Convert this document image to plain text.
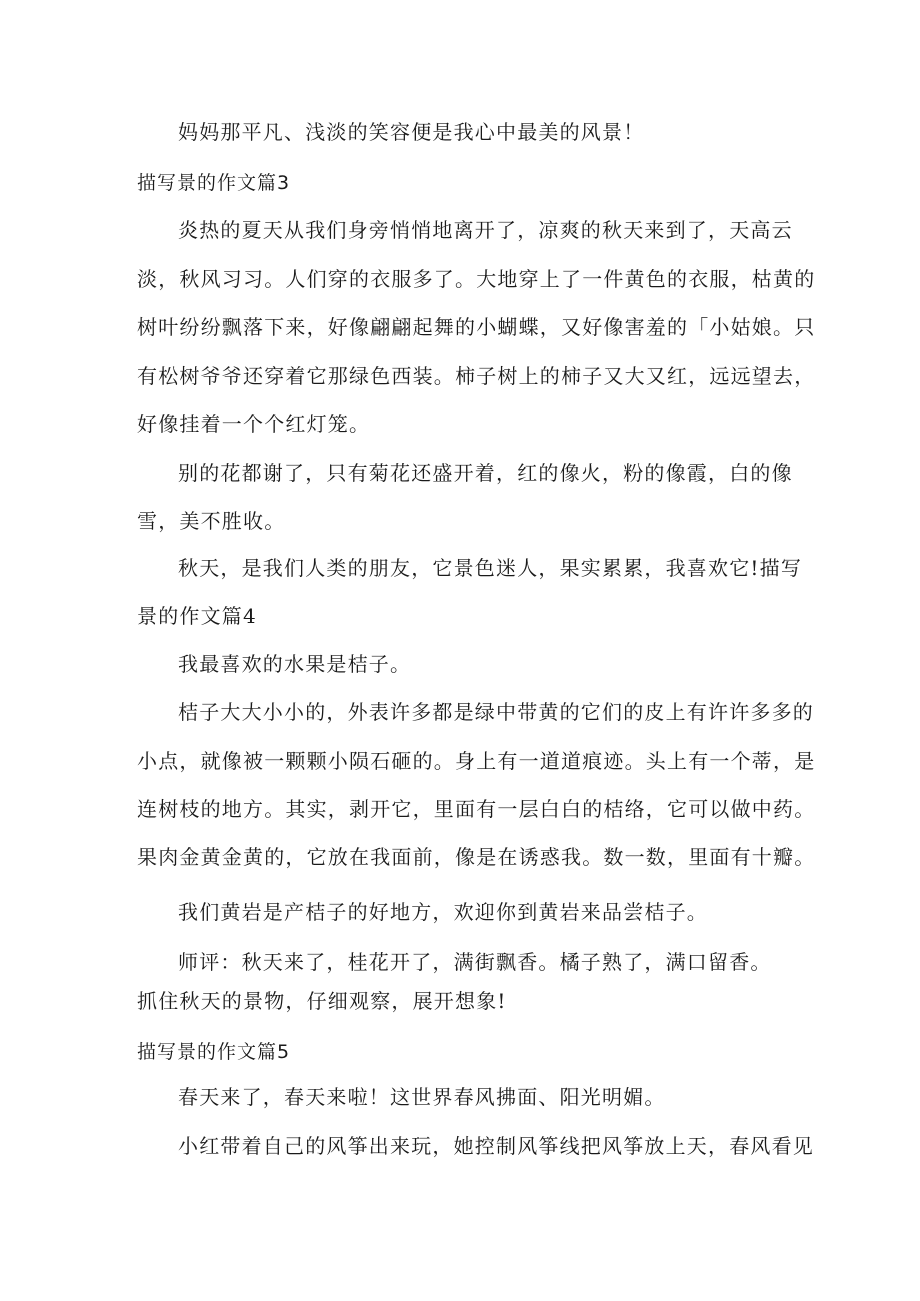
妈妈那平凡、浅淡的笑容便是我心中最美的风景！
描写景的作文篇3
炎热的夏天从我们身旁悄悄地离开了，凉爽的秋天来到了，天高云
淡，秋风习习。人们穿的衣服多了。大地穿上了一件黄色的衣服，枯黄的
树叶纷纷飘落下来，好像翩翩起舞的小蝴蝶，又好像害羞的「小姑娘。只
有松树爷爷还穿着它那绿色西装。柿子树上的柿子又大又红，远远望去，
好像挂着一个个红灯笼。
别的花都谢了，只有菊花还盛开着，红的像火，粉的像霞，白的像
雪，美不胜收。
秋天，是我们人类的朋友，它景色迷人，果实累累，我喜欢它!描写
景的作文篇4
我最喜欢的水果是桔子。
桔子大大小小的，外表许多都是绿中带黄的它们的皮上有许许多多的
小点，就像被一颗颗小陨石砸的。身上有一道道痕迹。头上有一个蒂，是
连树枝的地方。其实，剥开它，里面有一层白白的桔络，它可以做中药。
果肉金黄金黄的，它放在我面前，像是在诱惑我。数一数，里面有十瓣。
我们黄岩是产桔子的好地方，欢迎你到黄岩来品尝桔子。
师评：秋天来了，桂花开了，满街飘香。橘子熟了，满口留香。
抓住秋天的景物，仔细观察，展开想象!
描写景的作文篇5
春天来了，春天来啦！这世界春风拂面、阳光明媚。
小红带着自己的风筝出来玩，她控制风筝线把风筝放上天，春风看见
